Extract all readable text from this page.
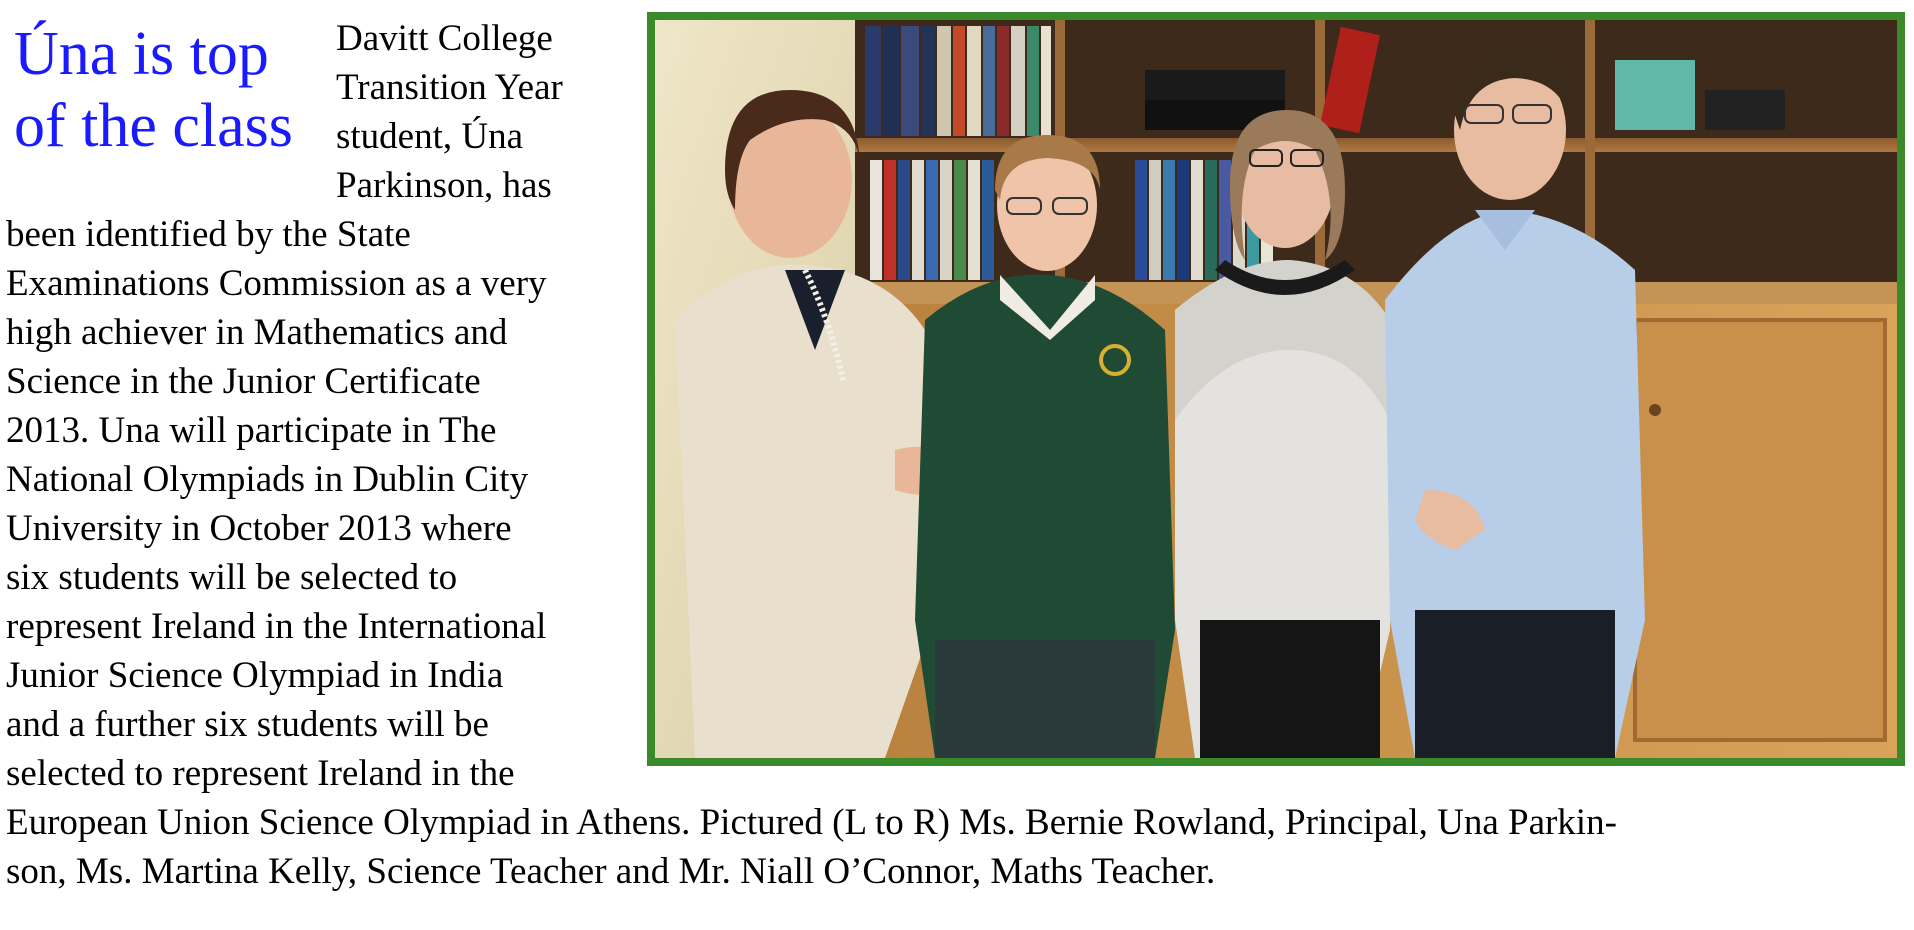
Úna is top
of the class
Davitt College
Transition Year
student, Úna
Parkinson, has
been identified by the State
Examinations Commission as a very
high achiever in Mathematics and
Science in the Junior Certificate
2013. Una will participate in The
National Olympiads in Dublin City
University in October 2013 where
six students will be selected to
represent Ireland in the International
Junior Science Olympiad in India
and a further six students will be
selected to represent Ireland in the
European Union Science Olympiad in Athens. Pictured (L to R) Ms. Bernie Rowland, Principal, Una Parkin-
son, Ms. Martina Kelly, Science Teacher and Mr. Niall O’Connor, Maths Teacher.
